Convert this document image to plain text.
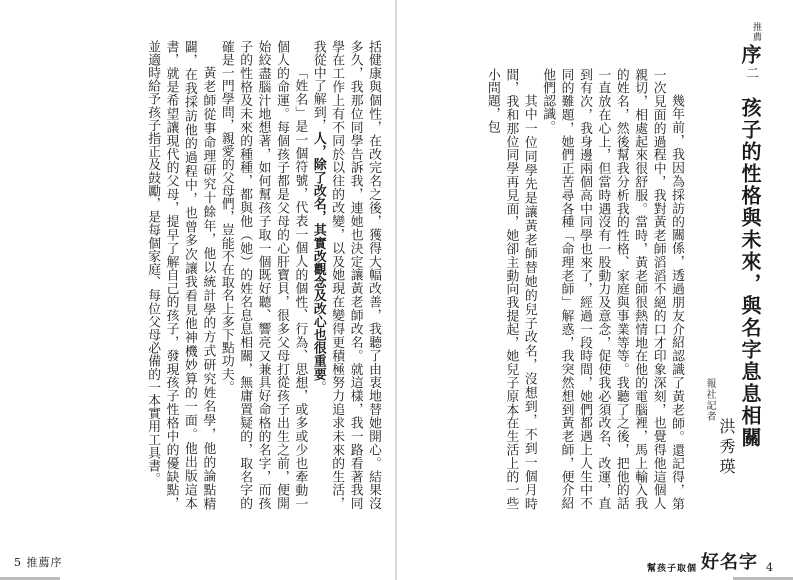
括健康與個性，在改完名之後，獲得大幅改善，我聽了由衷地替她開心。結果沒多久，我那位同學告訴我，連她也決定讓黃老師改名。就這樣，我一路看著我同學在工作上有不同於以往的改變，以及她現在變得更積極努力追求未來的生活，我從中了解到，人，除了改名，其實改觀念及改心也很重要。

「姓名」是一個符號，代表一個人的個性、行為、思想，或多或少也牽動一個人的命運。每個孩子都是父母的心肝寶貝，很多父母打從孩子出生之前，便開始絞盡腦汁地想著，如何幫孩子取一個既好聽、響亮又兼具好命格的名字，而孩子的性格及未來的種種，都與他（她）的姓名息息相關，無庸置疑的，取名字的確是一門學問，親愛的父母們，豈能不在取名上多下點功夫。

黃老師從事命理研究十餘年，他以統計學的方式研究姓名學，他的論點精闢，在我採訪他的過程中，也曾多次讓我看見他神機妙算的一面。他出版這本書，就是希望讓現代的父母，提早了解自己的孩子，發現孩子性格中的優缺點，並適時給予孩子指正及鼓勵，是每個家庭、每位父母必備的一本實用工具書。

5 推薦序
推薦
序二孩子的性格與未來，與名字息息相關
報社記者
洪秀瑛

幾年前，我因為採訪的關係，透過朋友介紹認識了黃老師。還記得，第一次見面的過程中，我對黃老師滔滔不絕的口才印象深刻，也覺得他這個人親切，相處起來很舒服。當時，黃老師很熱情地在他的電腦裡，馬上輸入我的姓名，然後幫我分析我的性格、家庭與事業等等。我聽了之後，把他的話一直放在心上，但當時遇沒有一股動力及意念，促使我必須改名、改運，直到有次，我身邊兩個高中同學也來了，經過一段時間，她們都遇上人生中不同的難題，她們正苦尋各種「命理老師」解惑，我突然想到黃老師，便介紹他們認識。

其中一位同學先是讓黃老師替她的兒子改名，沒想到，不到一個月時間，我和那位同學再見面，她卻主動向我提起，她兒子原本在生活上的一些小問題，包

幫孩子取個 好名字 4
